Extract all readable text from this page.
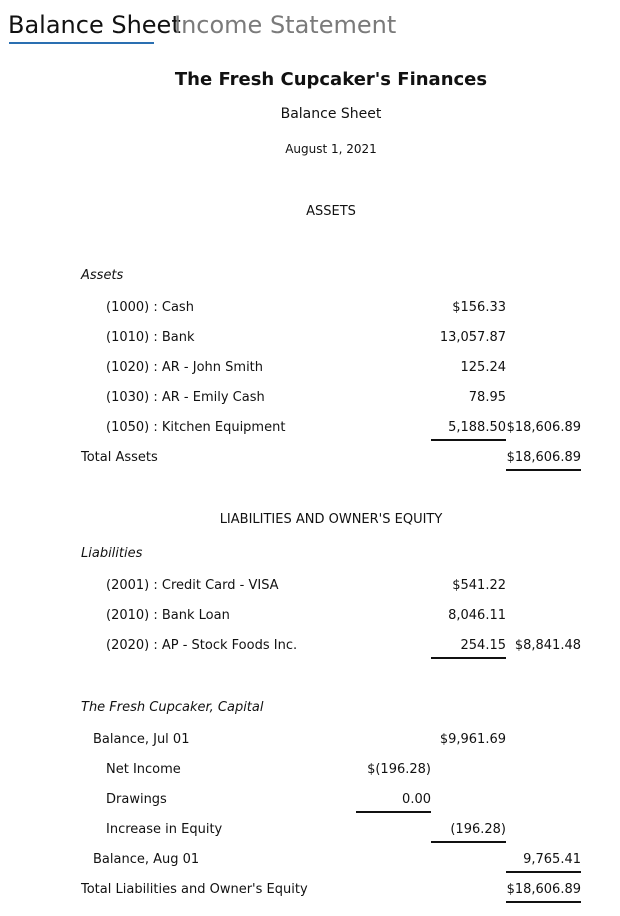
Balance Sheet
Income Statement
The Fresh Cupcaker's Finances
Balance Sheet
August 1, 2021
ASSETS
Assets
(1000) : Cash	$156.33
(1010) : Bank	13,057.87
(1020) : AR - John Smith	125.24
(1030) : AR - Emily Cash	78.95
(1050) : Kitchen Equipment	5,188.50 $18,606.89
Total Assets	$18,606.89
LIABILITIES AND OWNER'S EQUITY
Liabilities
(2001) : Credit Card - VISA	$541.22
(2010) : Bank Loan	8,046.11
(2020) : AP - Stock Foods Inc.	254.15 $8,841.48
The Fresh Cupcaker, Capital
Balance, Jul 01	$9,961.69
Net Income	$(196.28)
Drawings	0.00
Increase in Equity	(196.28)
Balance, Aug 01	9,765.41
Total Liabilities and Owner's Equity	$18,606.89
